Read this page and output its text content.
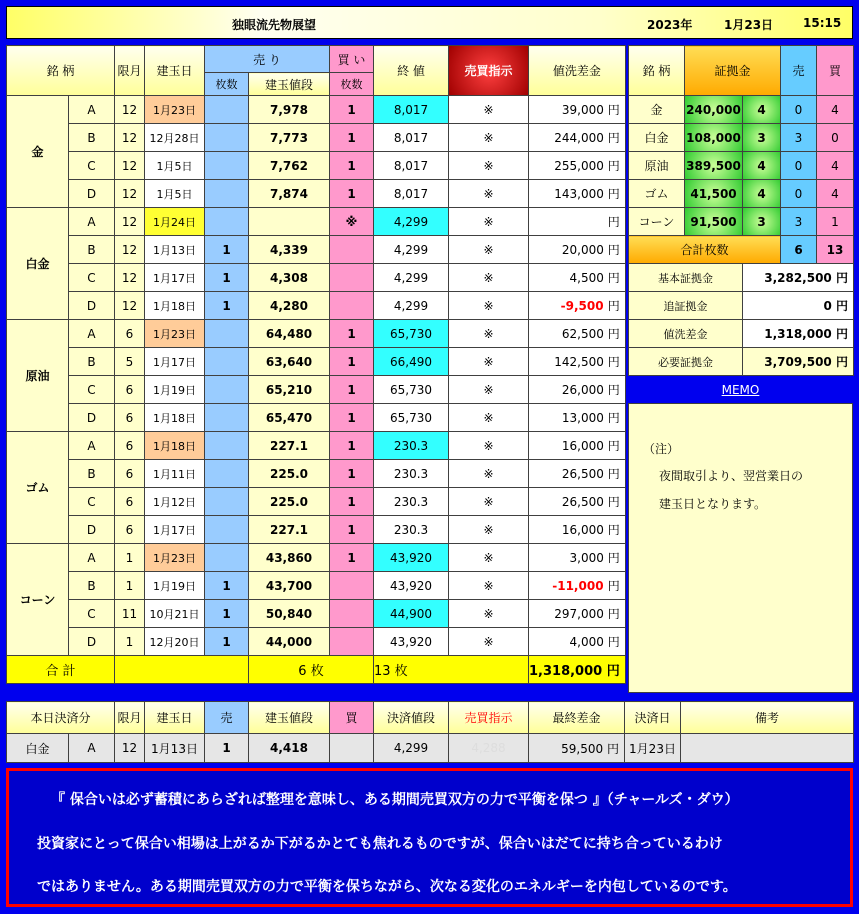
独眼流先物展望	2023年	1月23日 15:15
銘 柄		限月	建玉日	売 り		買 い	終 値	売買指示	値洗差金
				枚数	建玉値段	枚数			
金	A	12	1月23日		7,978	1	8,017	※	39,000 円
	B	12	12月28日		7,773	1	8,017	※	244,000 円
	C	12	1月5日		7,762	1	8,017	※	255,000 円
	D	12	1月5日		7,874	1	8,017	※	143,000 円
白金	A	12	1月24日			※	4,299	※	円
	B	12	1月13日	1	4,339		4,299	※	20,000 円
	C	12	1月17日	1	4,308		4,299	※	4,500 円
	D	12	1月18日	1	4,280		4,299	※	-9,500 円
原油	A	6	1月23日		64,480	1	65,730	※	62,500 円
	B	5	1月17日		63,640	1	66,490	※	142,500 円
	C	6	1月19日		65,210	1	65,730	※	26,000 円
	D	6	1月18日		65,470	1	65,730	※	13,000 円
ゴム	A	6	1月18日		227.1	1	230.3	※	16,000 円
	B	6	1月11日		225.0	1	230.3	※	26,500 円
	C	6	1月12日		225.0	1	230.3	※	26,500 円
	D	6	1月17日		227.1	1	230.3	※	16,000 円
コーン	A	1	1月23日		43,860	1	43,920	※	3,000 円
	B	1	1月19日	1	43,700		43,920	※	-11,000 円
	C	11	10月21日	1	50,840		44,900	※	297,000 円
	D	1	12月20日	1	44,000		43,920	※	4,000 円
合 計					6 枚		13 枚		1,318,000 円
銘 柄	証拠金		売	買
金	240,000	4	0	4
白金	108,000	3	3	0
原油	389,500	4	0	4
ゴム	41,500	4	0	4
コーン	91,500	3	3	1
合計枚数			6	13
基本証拠金		3,282,500 円		
追証拠金		0 円		
値洗差金		1,318,000 円		
必要証拠金		3,709,500 円		
MEMO
（注）
夜間取引より、翌営業日の
建玉日となります。
本日決済分		限月	建玉日	売	建玉値段	買	決済値段	売買指示	最終差金	決済日	備考
白金	A	12	1月13日	1	4,418		4,299	4,288	59,500 円	1月23日	
『 保合いは必ず蓄積にあらざれば整理を意味し、ある期間売買双方の力で平衡を保つ 』（チャールズ・ダウ）
投資家にとって保合い相場は上がるか下がるかとても焦れるものですが、保合いはだてに持ち合っているわけ
ではありません。ある期間売買双方の力で平衡を保ちながら、次なる変化のエネルギーを内包しているのです。
